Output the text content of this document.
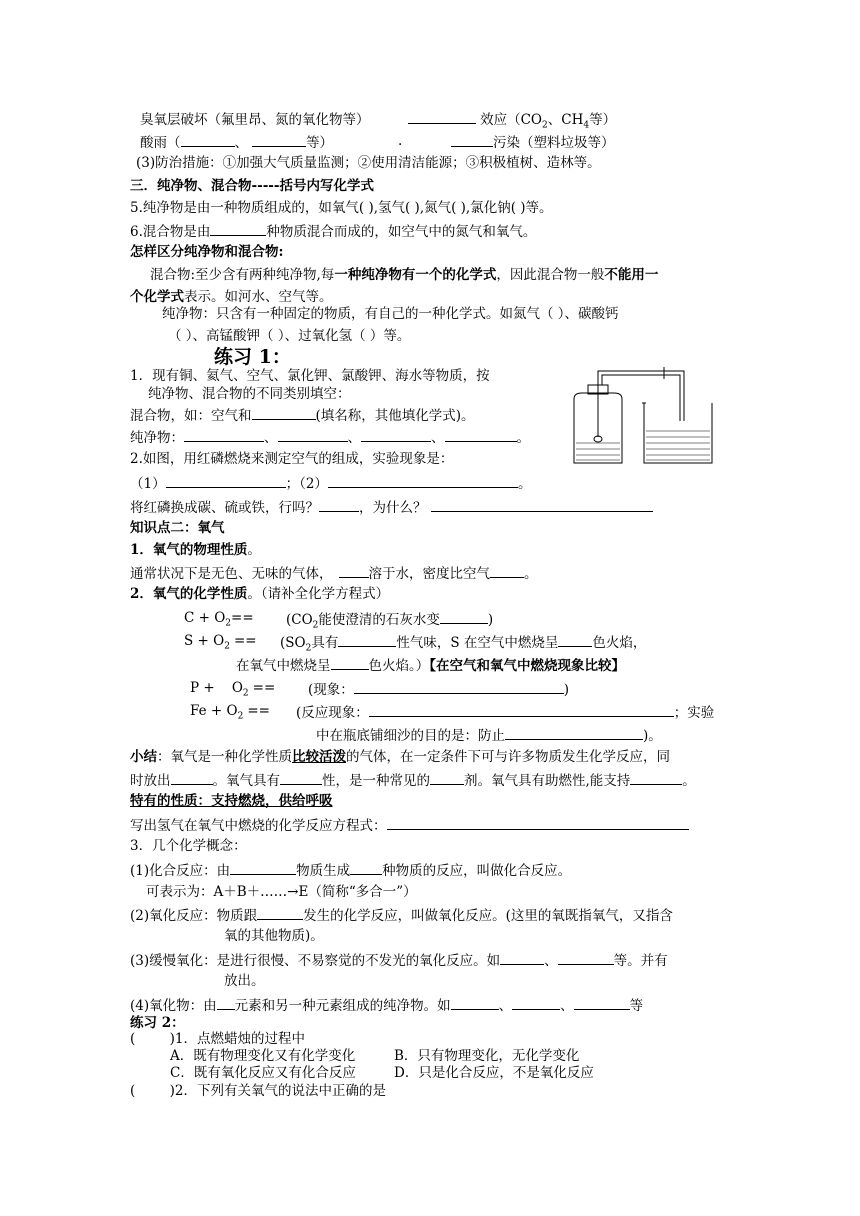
臭氧层破坏（氟里昂、氮的氧化物等）	效应（$CO_2$、$CH_4$等）
酸雨（	、	等）	.	污染（塑料垃圾等）
(3)防治措施：①加强大气质量监测；②使用清洁能源；③积极植树、造林等。
三．纯净物、混合物-----括号内写化学式
5.纯净物是由一种物质组成的，如氧气( ),氢气( ),氮气( ),氯化钠( )等。
6.混合物是由	种物质混合而成的，如空气中的氮气和氧气。
怎样区分纯净物和混合物:
混合物:至少含有两种纯净物,每一种纯净物有一个的化学式，因此混合物一般不能用一
个化学式表示。如河水、空气等。
纯净物：只含有一种固定的物质，有自己的一种化学式。如氮气（ ）、碳酸钙
（ ）、高锰酸钾（ ）、过氧化氢（ ）等。
练习 1：
1．现有铜、氦气、空气、氯化钾、氯酸钾、海水等物质，按
纯净物、混合物的不同类别填空：
混合物，如：空气和	(填名称，其他填化学式)。
纯净物：	、	、	、	。
2.如图，用红磷燃烧来测定空气的组成，实验现象是：
（1）	；（2）	。
将红磷换成碳、硫或铁，行吗？	，为什么？
知识点二：氧气
1．氧气的物理性质。
通常状况下是无色、无味的气体，	溶于水，密度比空气	。
2．氧气的化学性质。（请补全化学方程式）
$C + O_2== (CO_2$能使澄清的石灰水变	)
$S + O_2 == (SO_2$具有	性气味，S 在空气中燃烧呈	色火焰，
在氧气中燃烧呈	色火焰。）【在空气和氧气中燃烧现象比较】
P +    $O_2$ == (现象：	)
$Fe + O_2$ == (反应现象：	；实验
中在瓶底铺细沙的目的是：防止	)。
小结：氧气是一种化学性质比较活泼的气体，在一定条件下可与许多物质发生化学反应，同
时放出	。氧气具有	性，是一种常见的	剂。氧气具有助燃性,能支持	。
特有的性质：支持燃烧，供给呼吸
写出氢气在氧气中燃烧的化学反应方程式：
3．几个化学概念：
(1)化合反应：由	物质生成 种物质的反应，叫做化合反应。
可表示为：A＋B＋……→E（简称“多合一”）
(2)氧化反应：物质跟	发生的化学反应，叫做氧化反应。(这里的氧既指氧气，又指含
氧的其他物质)。
(3)缓慢氧化：是进行很慢、不易察觉的不发光的氧化反应。如	、	等。并有
放出。
(4)氧化物：由 元素和另一种元素组成的纯净物。如	、	、	等
练习 2：
(        )1．点燃蜡烛的过程中
A．既有物理变化又有化学变化	B．只有物理变化，无化学变化
C．既有氧化反应又有化合反应	D．只是化合反应，不是氧化反应
(        )2．下列有关氧气的说法中正确的是
